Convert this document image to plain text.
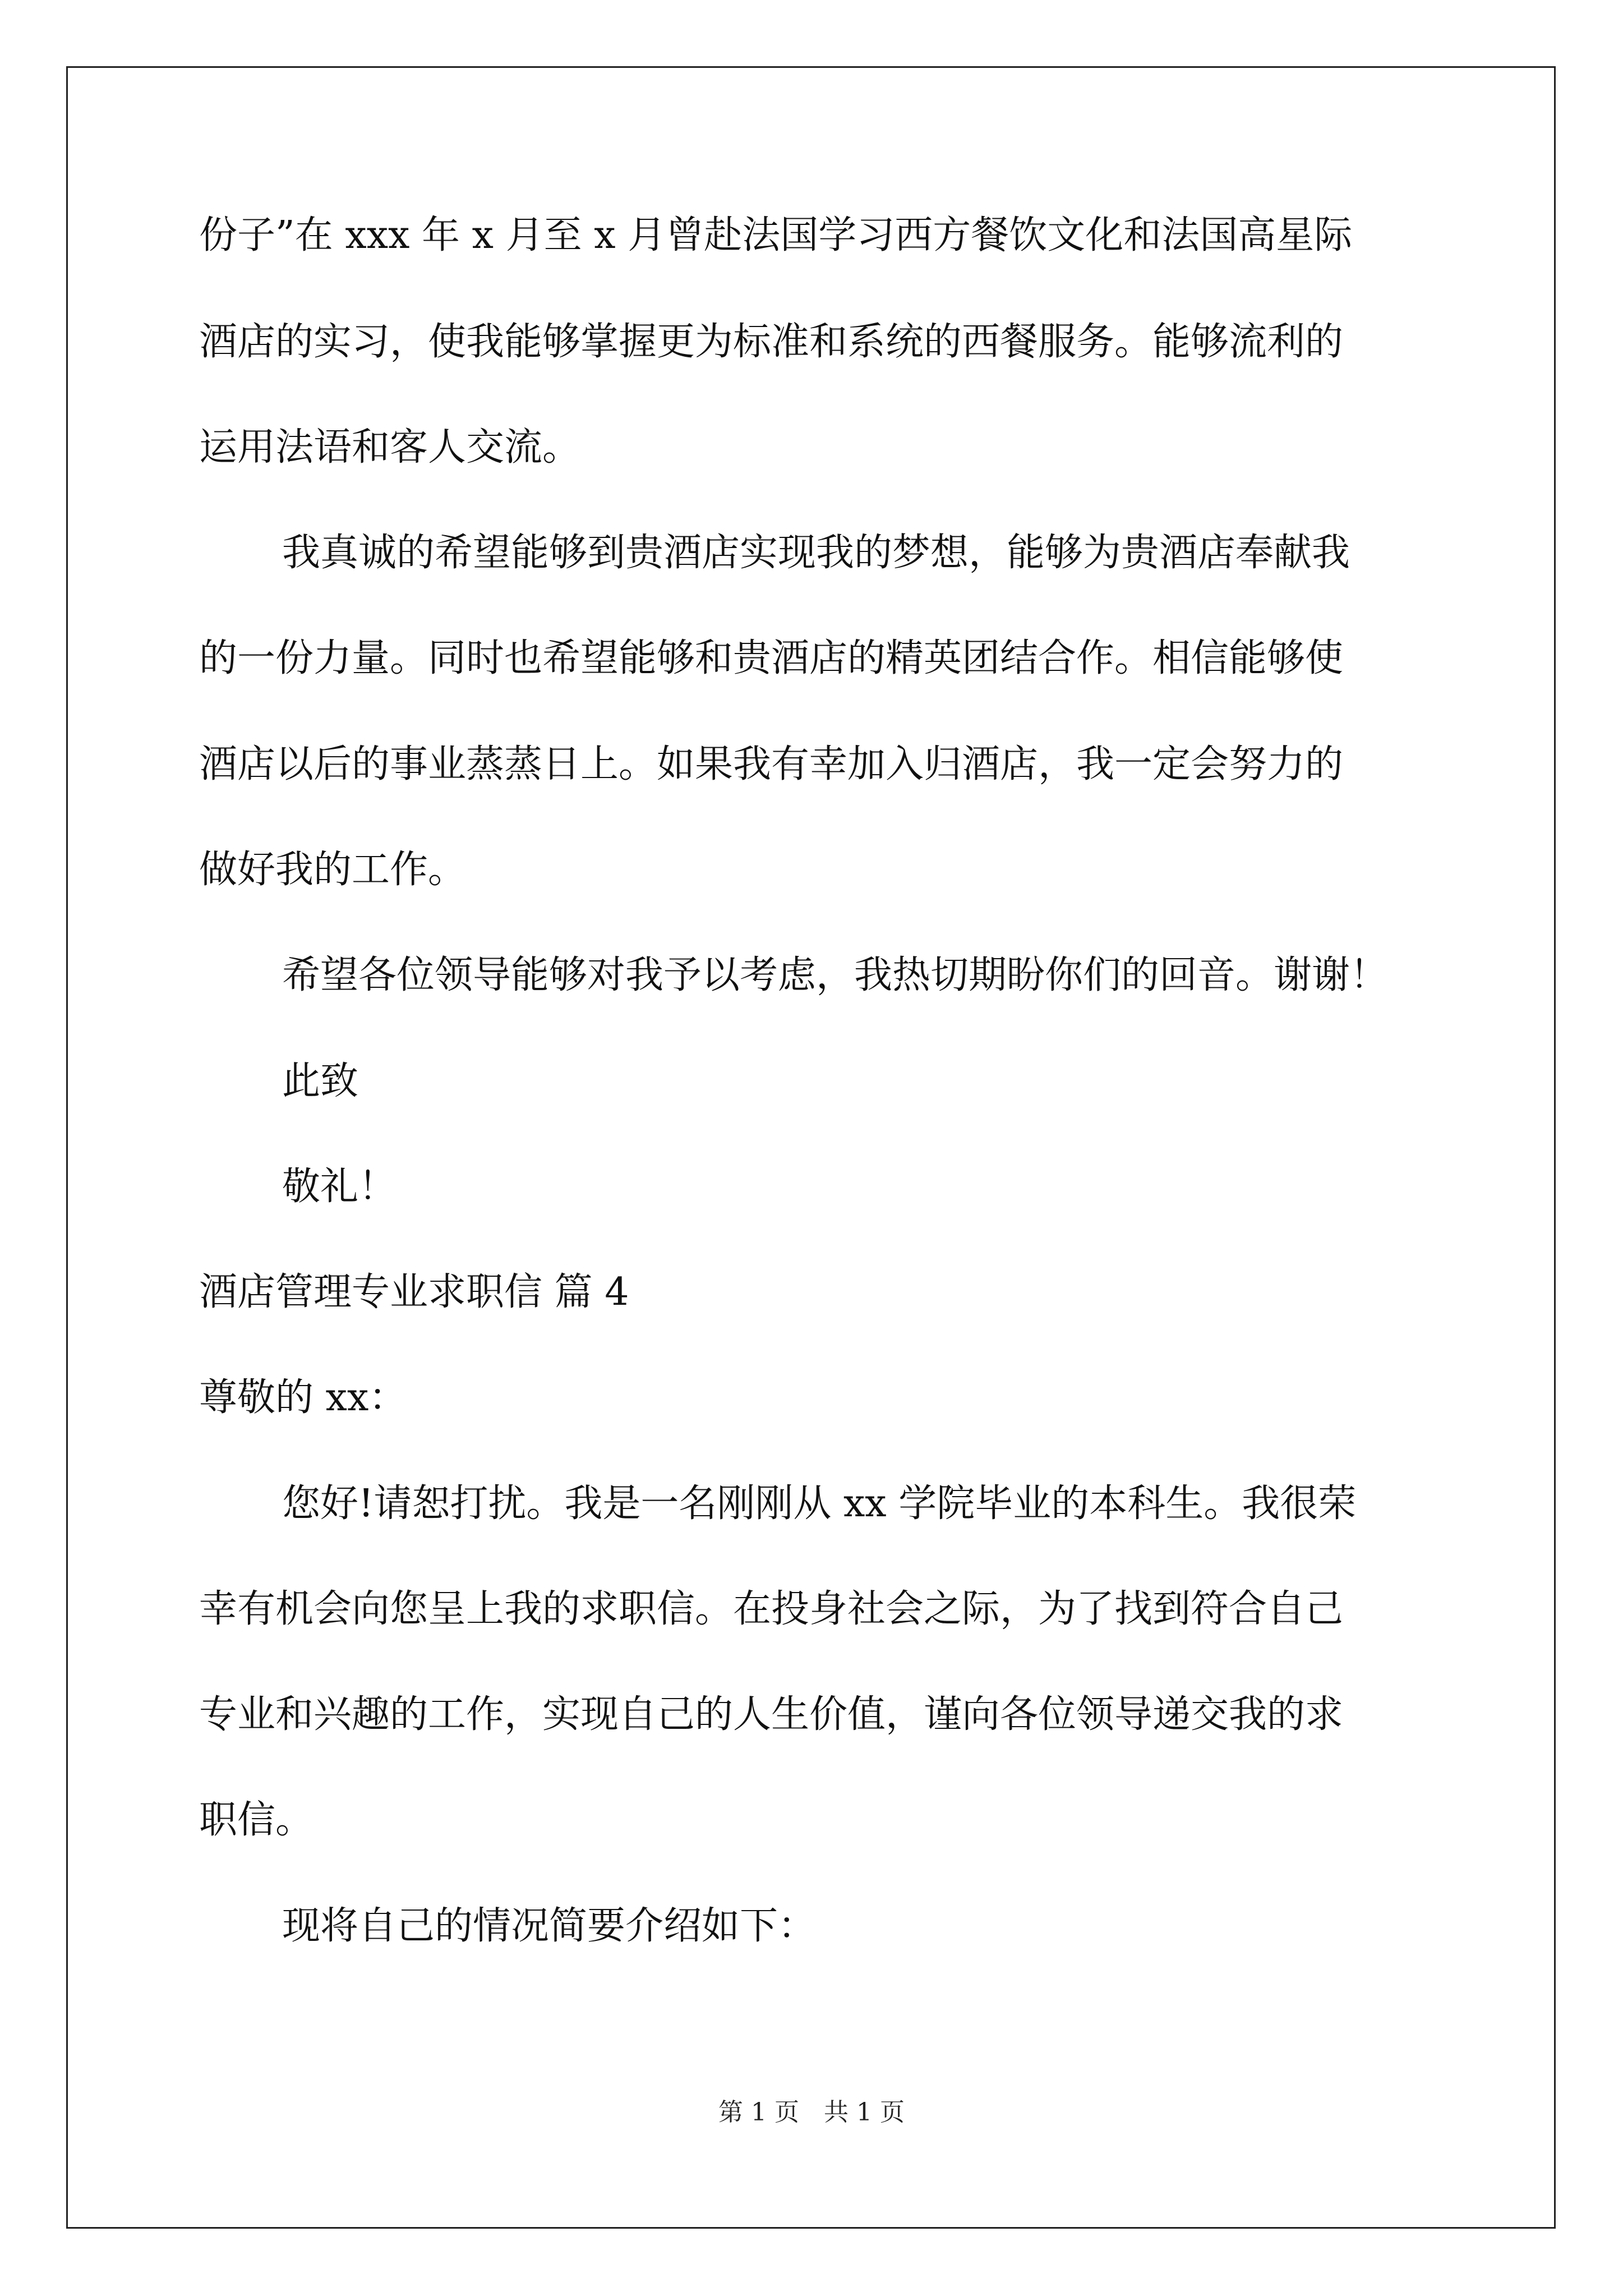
份子”在 xxx 年 x 月至 x 月曾赴法国学习西方餐饮文化和法国高星际
酒店的实习，使我能够掌握更为标准和系统的西餐服务。能够流利的
运用法语和客人交流。
我真诚的希望能够到贵酒店实现我的梦想，能够为贵酒店奉献我
的一份力量。同时也希望能够和贵酒店的精英团结合作。相信能够使
酒店以后的事业蒸蒸日上。如果我有幸加入归酒店，我一定会努力的
做好我的工作。
希望各位领导能够对我予以考虑，我热切期盼你们的回音。谢谢！
此致
敬礼！
酒店管理专业求职信 篇 4
尊敬的 xx：
您好!请恕打扰。我是一名刚刚从 xx 学院毕业的本科生。我很荣
幸有机会向您呈上我的求职信。在投身社会之际，为了找到符合自己
专业和兴趣的工作，实现自己的人生价值，谨向各位领导递交我的求
职信。
现将自己的情况简要介绍如下：
第 1 页　共 1 页
